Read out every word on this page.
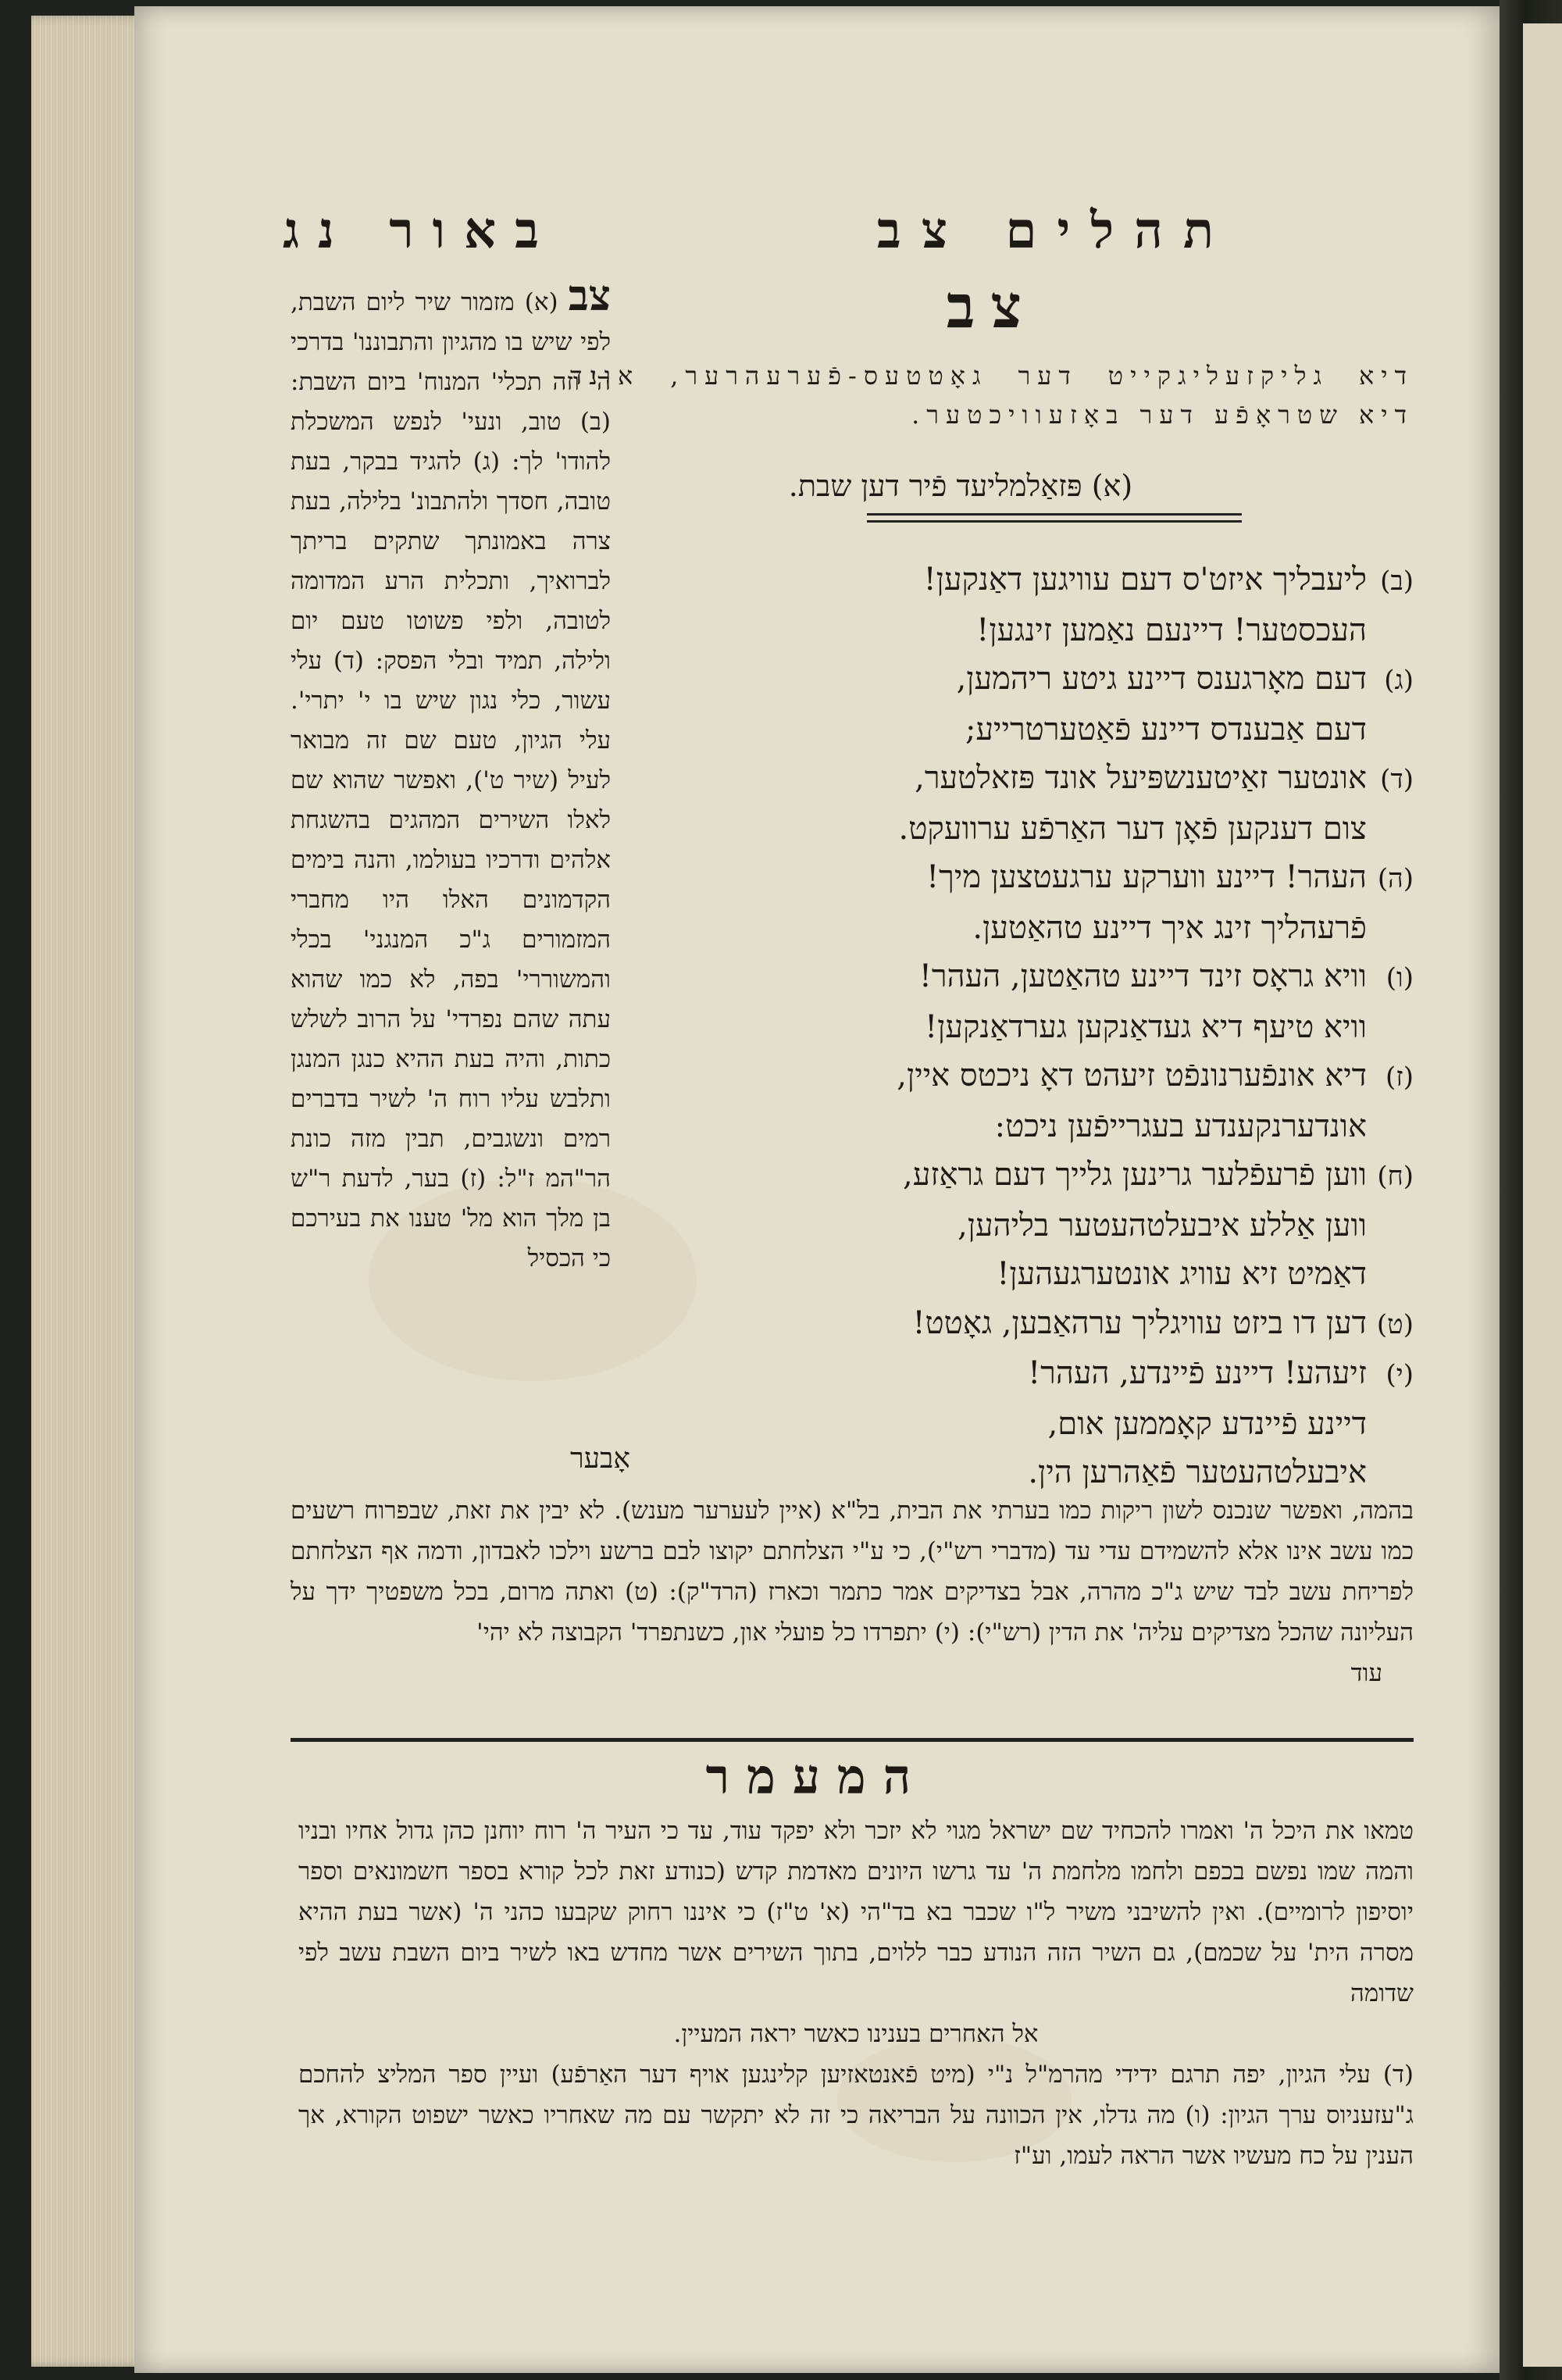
תהלים צב
באור נג
צב
דיא גליקזעליגקייט דער גאָטטעס-פֿערעהרער, אונד דיא שטראָפֿע דער באָזעוויכטער.
(א) פּזאַלמליעד פֿיר דען שבת.
(ב)ליעבליך איזט'ס דעם עוויגען דאַנקען!
העכסטער! דיינעם נאַמען זינגען!
(ג)דעם מאָרגענס דיינע גיטע ריהמען,
דעם אַבענדס דיינע פֿאַטערטרייע;
(ד)אונטער זאַיטענשפּיעל אונד פּזאלטער,
צום דענקען פֿאָן דער האַרפֿע ערוועקט.
(ה)העהר! דיינע ווערקע ערגעטצען מיך!
פֿרעהליך זינג איך דיינע טהאַטען.
(ו)וויא גראָס זינד דיינע טהאַטען, העהר!
וויא טיעף דיא געדאַנקען גערדאַנקען!
(ז)דיא אונפֿערנונפֿט זיעהט דאָ ניכטס איין,
אונדערנקענדע בעגרייפֿען ניכט:
(ח)ווען פֿרעפֿלער גרינען גלייך דעם גראַזע,
ווען אַללע איבעלטהעטער בליהען,
דאַמיט זיא עוויג אונטערגעהען!
(ט)דען דו ביזט עוויגליך ערהאַבען, גאָטט!
(י)זיעהע! דיינע פֿיינדע, העהר!
דיינע פֿיינדע קאָממען אום,
איבעלטהעטער פֿאַהרען הין.
אָבער
צב (א) מזמור שיר ליום השבת, לפי שיש בו מהגיון והתבוננו' בדרכי ה' וזה תכלי' המנוח' ביום השבת: (ב) טוב, ונעי' לנפש המשכלת להודו' לך: (ג) להגיד בבקר, בעת טובה, חסדך ולהתבונ' בלילה, בעת צרה באמונתך שתקים בריתך לברואיך, ותכלית הרע המדומה לטובה, ולפי פשוטו טעם יום ולילה, תמיד ובלי הפסק: (ד) עלי עשור, כלי נגון שיש בו י' יתרי'. עלי הגיון, טעם שם זה מבואר לעיל (שיר ט'), ואפשר שהוא שם לאלו השירים המהגים בהשגחת אלהים ודרכיו בעולמו, והנה בימים הקדמונים האלו היו מחברי המזמורים ג"כ המנגני' בכלי והמשוררי' בפה, לא כמו שהוא עתה שהם נפרדי' על הרוב לשלש כתות, והיה בעת ההיא כנגן המנגן ותלבש עליו רוח ה' לשיר בדברים רמים ונשגבים, תבין מזה כונת הר"המ ז"ל: (ז) בער, לדעת ר"ש בן מלך הוא מל' טענו את בעירכם כי הכסיל
בהמה, ואפשר שנכנס לשון ריקות כמו בערתי את הבית, בל"א (איין לעערער מענש). לא יבין את זאת, שבפרוח רשעים כמו עשב אינו אלא להשמידם עדי עד (מדברי רש"י), כי ע"י הצלחתם יקוצו לבם ברשע וילכו לאבדון, ודמה אף הצלחתם לפריחת עשב לבד שיש ג"כ מהרה, אבל בצדיקים אמר כתמר וכארז (הרד"ק): (ט) ואתה מרום, בכל משפטיך ידך על העליונה שהכל מצדיקים עליה' את הדין (רש"י): (י) יתפרדו כל פועלי און, כשנתפרד' הקבוצה לא יהי'
עוד
המעמר

טמאו את היכל ה' ואמרו להכחיד שם ישראל מגוי לא יזכר ולא יפקד עוד, עד כי העיר ה' רוח יוחנן כהן גדול אחיו ובניו והמה שמו נפשם בכפם ולחמו מלחמת ה' עד גרשו היונים מאדמת קדש (כנודע זאת לכל קורא בספר חשמונאים וספר יוסיפון לרומיים). ואין להשיבני משיר ל"ו שכבר בא בד"הי (א' ט"ז) כי איננו רחוק שקבעו כהני ה' (אשר בעת ההיא מסרה הית' על שכמם), גם השיר הזה הנודע כבר ללוים, בתוך השירים אשר מחדש באו לשיר ביום השבת עשב לפי שדומה

אל האחרים בענינו כאשר יראה המעיין.

(ד) עלי הגיון, יפה תרגם ידידי מהרמ"ל נ"י (מיט פֿאנטאזיען קלינגען אויף דער האַרפֿע) ועיין ספר המליצ להחכם ג"עזעניוס ערך הגיון: (ו) מה גדלו, אין הכוונה על הבריאה כי זה לא יתקשר עם מה שאחריו כאשר ישפוט הקורא, אך הענין על כח מעשיו אשר הראה לעמו, וע"ז
